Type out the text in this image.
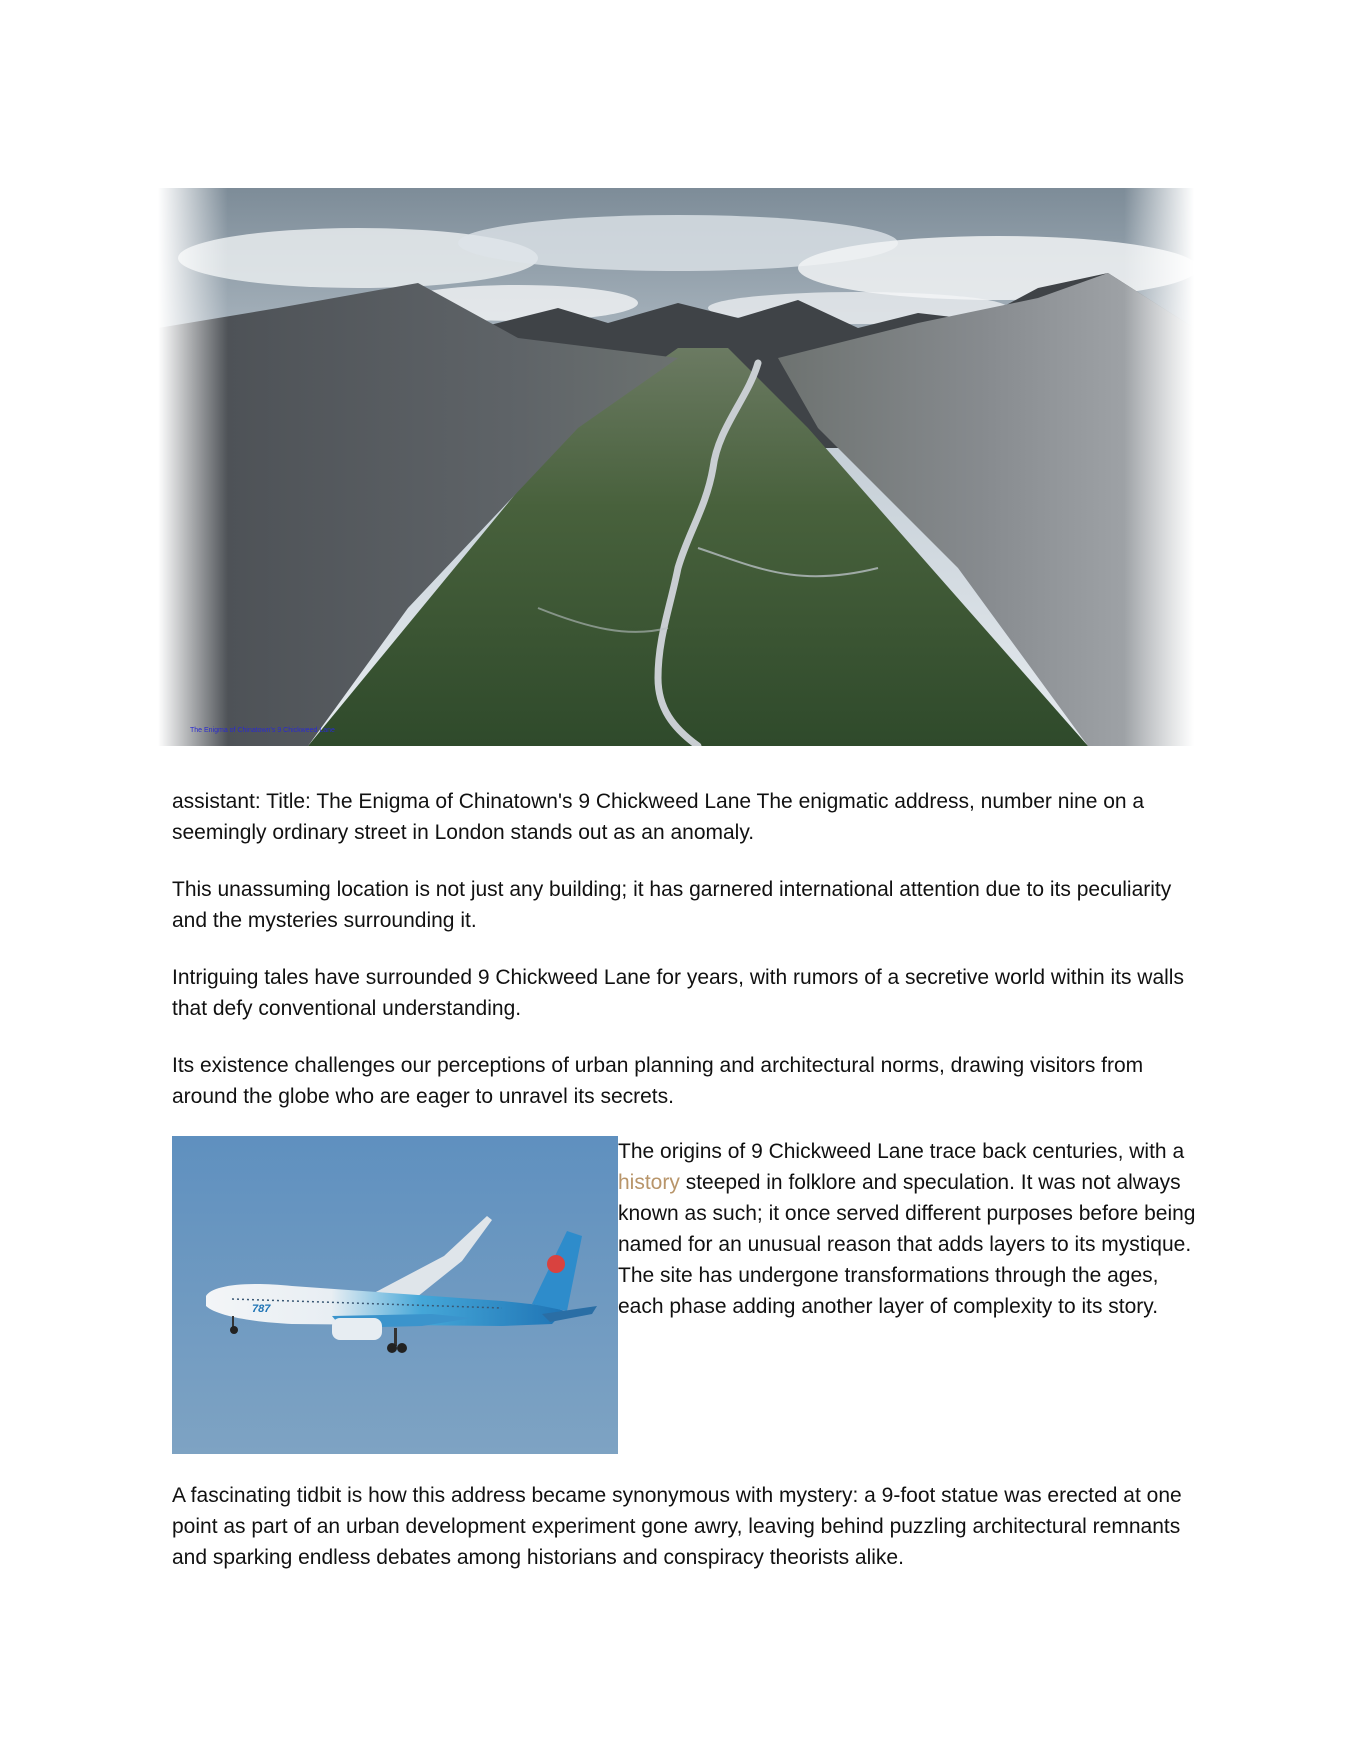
The Enigma of Chinatown's 9 Chickweed Lane

assistant: Title: The Enigma of Chinatown's 9 Chickweed Lane The enigmatic address, number nine on a seemingly ordinary street in London stands out as an anomaly.

This unassuming location is not just any building; it has garnered international attention due to its peculiarity and the mysteries surrounding it.

Intriguing tales have surrounded 9 Chickweed Lane for years, with rumors of a secretive world within its walls that defy conventional understanding.

Its existence challenges our perceptions of urban planning and architectural norms, drawing visitors from around the globe who are eager to unravel its secrets.

787

The origins of 9 Chickweed Lane trace back centuries, with a history steeped in folklore and speculation. It was not always known as such; it once served different purposes before being named for an unusual reason that adds layers to its mystique. The site has undergone transformations through the ages, each phase adding another layer of complexity to its story.

A fascinating tidbit is how this address became synonymous with mystery: a 9-foot statue was erected at one point as part of an urban development experiment gone awry, leaving behind puzzling architectural remnants and sparking endless debates among historians and conspiracy theorists alike.
